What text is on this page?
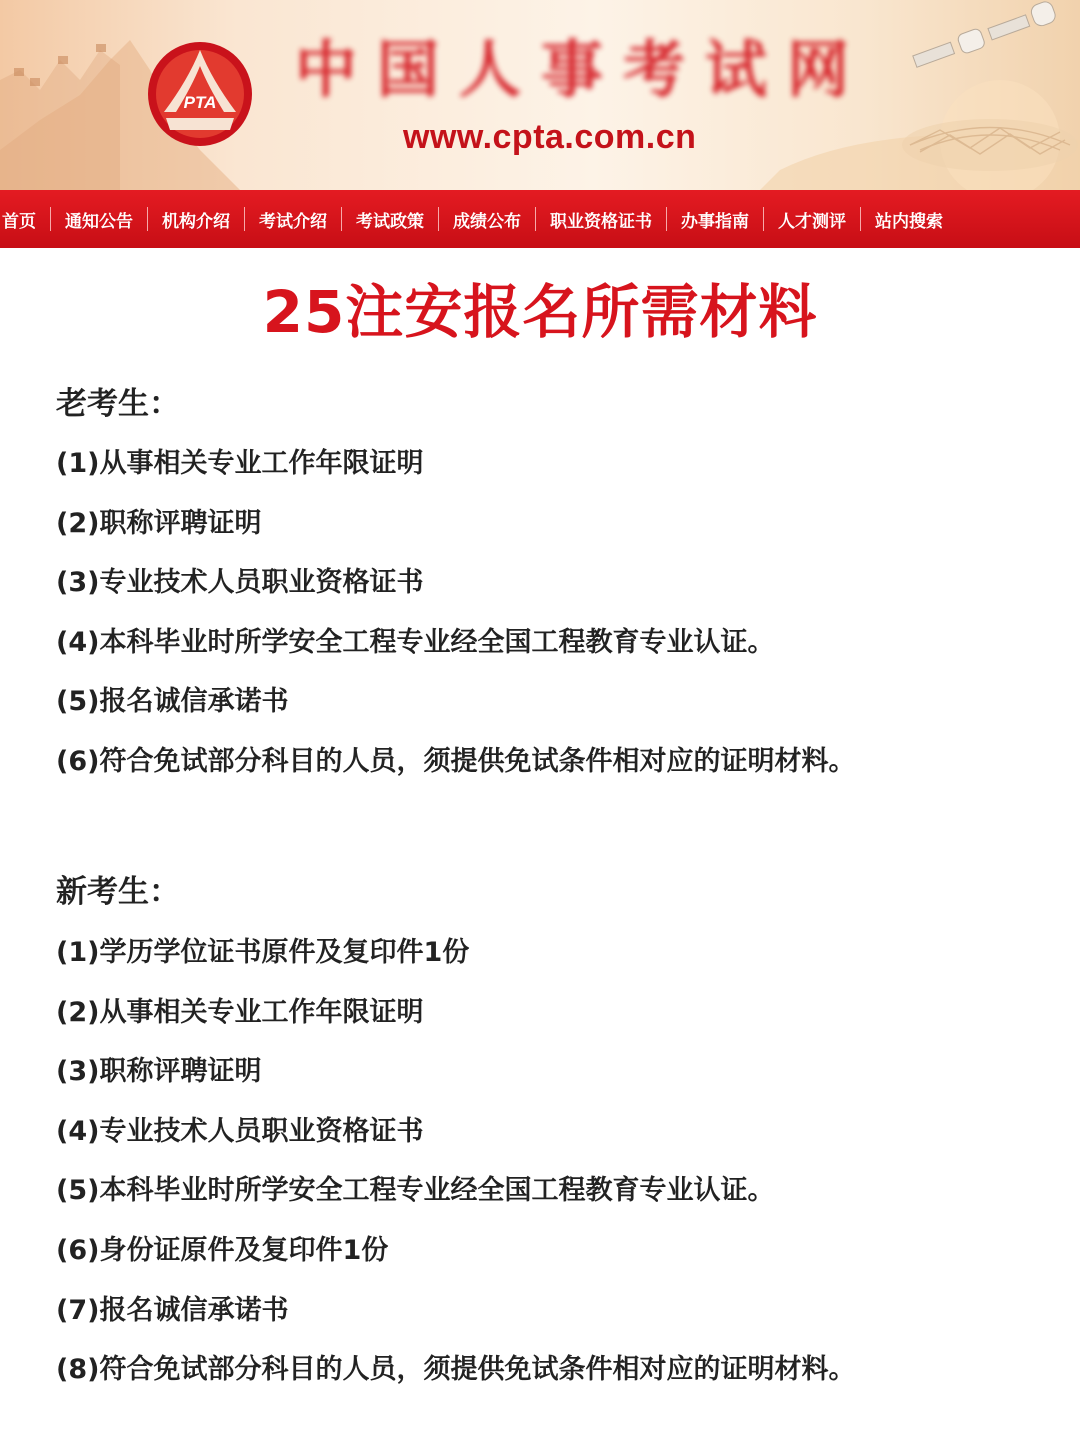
PTA 中 国 人 事 考 试 网
www.cpta.com.cn
首页 通知公告 机构介绍 考试介绍 考试政策 成绩公布 职业资格证书 办事指南 人才测评 站内搜索
25注安报名所需材料
老考生：
(1)从事相关专业工作年限证明
(2)职称评聘证明
(3)专业技术人员职业资格证书
(4)本科毕业时所学安全工程专业经全国工程教育专业认证。
(5)报名诚信承诺书
(6)符合免试部分科目的人员，须提供免试条件相对应的证明材料。
新考生：
(1)学历学位证书原件及复印件1份
(2)从事相关专业工作年限证明
(3)职称评聘证明
(4)专业技术人员职业资格证书
(5)本科毕业时所学安全工程专业经全国工程教育专业认证。
(6)身份证原件及复印件1份
(7)报名诚信承诺书
(8)符合免试部分科目的人员，须提供免试条件相对应的证明材料。
